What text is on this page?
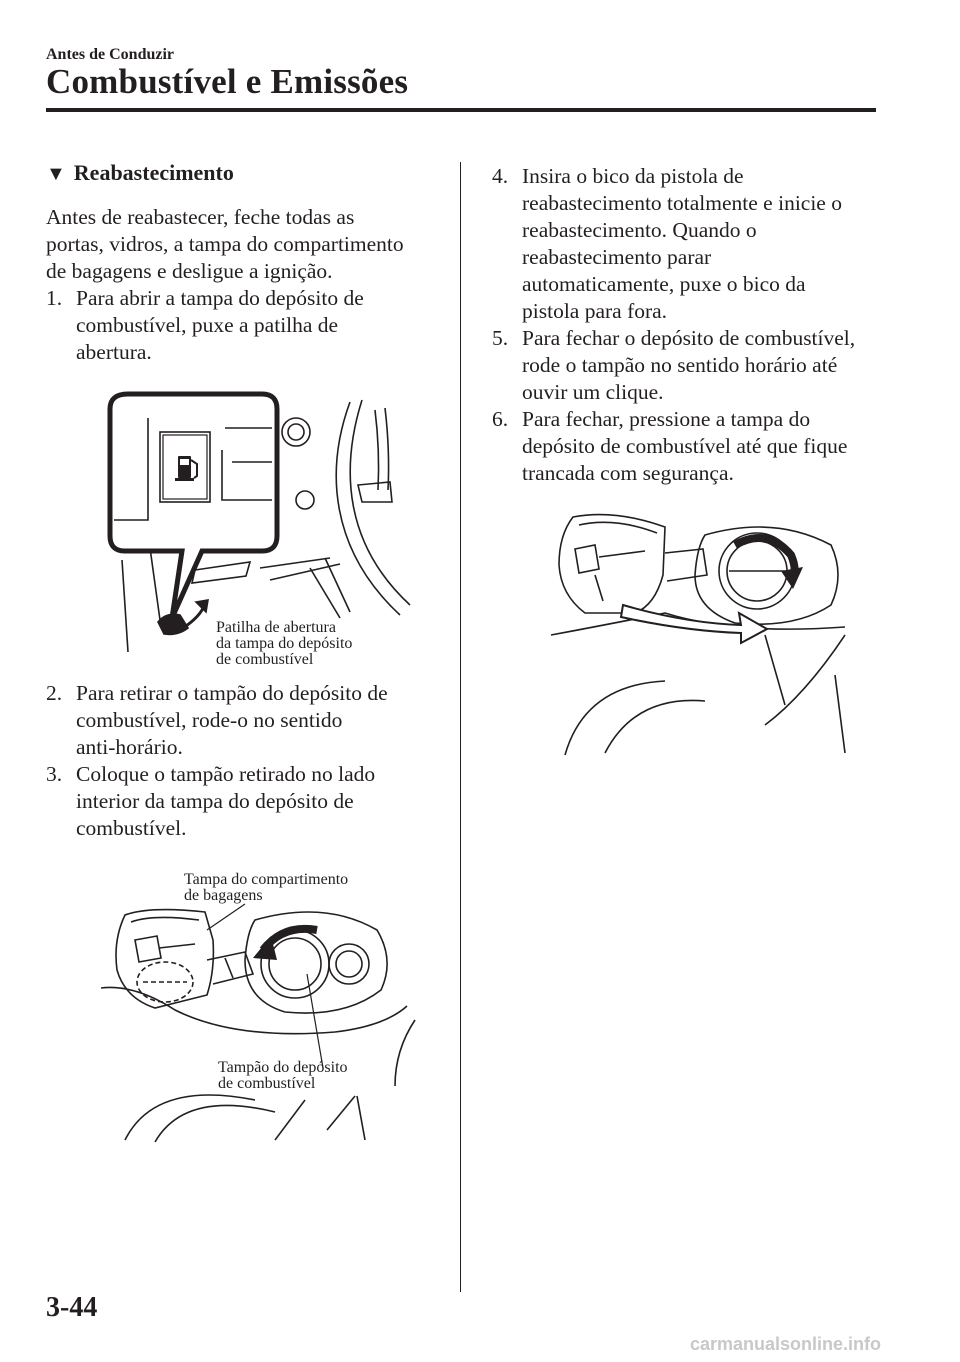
Antes de Conduzir
Combustível e Emissões
▼ Reabastecimento
Antes de reabastecer, feche todas as
portas, vidros, a tampa do compartimento
de bagagens e desligue a ignição.
1. Para abrir a tampa do depósito de
combustível, puxe a patilha de
abertura.
Patilha de abertura
da tampa do depósito
de combustível
2. Para retirar o tampão do depósito de
combustível, rode-o no sentido
anti-horário.
3. Coloque o tampão retirado no lado
interior da tampa do depósito de
combustível.
Tampa do compartimento
de bagagens
Tampão do depósito
de combustível
4. Insira o bico da pistola de
reabastecimento totalmente e inicie o
reabastecimento. Quando o
reabastecimento parar
automaticamente, puxe o bico da
pistola para fora.
5. Para fechar o depósito de combustível,
rode o tampão no sentido horário até
ouvir um clique.
6. Para fechar, pressione a tampa do
depósito de combustível até que fique
trancada com segurança.
3-44
carmanualsonline.info
